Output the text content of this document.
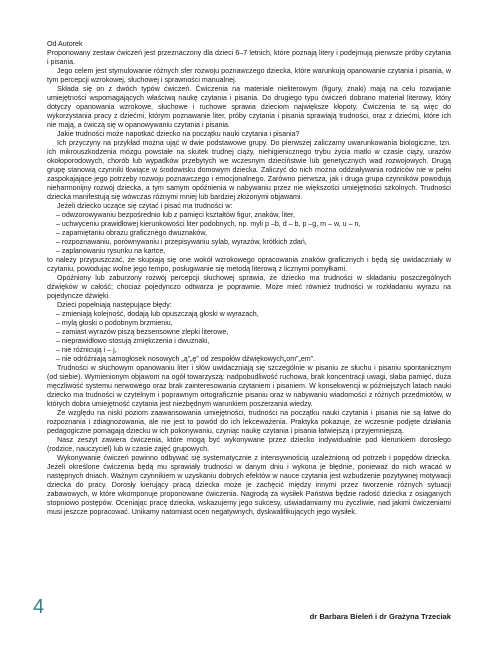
Od Autorek

Proponowany zestaw ćwiczeń jest przeznaczony dla dzieci 6–7 letnich, które poznają litery i podejmują pierwsze próby czytania i pisania.

Jego celem jest stymulowanie różnych sfer rozwoju poznawczego dziecka, które warunkują opanowanie czytania i pisania, w tym percepcji wzrokowej, słuchowej i sprawności manualnej.

Składa się on z dwóch typów ćwiczeń. Ćwiczenia na materiale nieliterowym (figury, znaki) mają na celu rozwijanie umiejętności wspomagających właściwą naukę czytania i pisania. Do drugiego typu ćwiczeń dobrano materiał literowy, który dotyczy opanowania wzrokowe, słuchowe i ruchowe sprawia dzieciom największe kłopoty. Ćwiczenia te są więc do wykorzystania pracy z dziećmi, którym poznawanie liter, próby czytania i pisania sprawiają trudności, oraz z dziećmi, które ich nie mają, a ćwiczą się w opanowywaniu czytania i pisania.

Jakie trudności może napotkać dziecko na początku nauki czytania i pisania?

Ich przyczyny na przykład można ująć w dwie podstawowe grupy. Do pierwszej zaliczamy uwarunkowania biologiczne, tzn. ich mikrouszkodzenia mózgu powstałe na skutek trudnej ciąży, niehigienicznego trybu życia matki w czasie ciąży, urazów okołoporodowych, chorób lub wypadków przebytych we wczesnym dzieciństwie lub genetycznych wad rozwojowych. Drugą grupę stanowią czynniki tkwiące w środowisku domowym dziecka. Zaliczyć do nich można oddziaływania rodziców nie w pełni zaspokajające jego potrzeby rozwoju poznawczego i emocjonalnego. Zarówno pierwsza, jak i druga grupa czynników powodują nieharmonijny rozwój dziecka, a tym samym opóźnienia w nabywaniu przez nie większości umiejętności szkolnych. Trudności dziecka manifestują się wówczas różnymi mniej lub bardziej złożonymi objawami.

Jeżeli dziecko uczące się czytać i pisać ma trudności w:

– odwzorowywaniu bezpośrednio lub z pamięci kształtów figur, znaków, liter,
– uchwyceniu prawidłowej kierunkowości liter podobnych, np. myli p –b, d – b, p –g, m – w, u – n,
– zapamiętaniu obrazu graficznego dwuznaków,
– rozpoznawaniu, porównywaniu i przepisywaniu sylab, wyrazów, krótkich zdań,
– zaplanowaniu rysunku na kartce,

to należy przypuszczać, że skupiają się one wokół wzrokowego opracowania znaków graficznych i będą się uwidaczniały w czytaniu, powodując wolne jego tempo, posługiwanie się metodą literową z licznymi pomyłkami.

Opóźniony lub zaburzony rozwój percepcji słuchowej sprawia, że dziecko ma trudności w składaniu poszczególnych dźwięków w całość; chociaż pojedynczo odtwarza je poprawnie. Może mieć również trudności w rozkładaniu wyrazu na pojedyncze dźwięki.

Dzieci popełniają następujące błędy:

– zmieniają kolejność, dodają lub opuszczają głoski w wyrazach,
– mylą głoski o podobnym brzmieniu,
– zamiast wyrazów piszą bezsensowne zlepki literowe,
– nieprawidłowo stosują zmiękczenia i dwuznaki,
– nie różnicują i – j,
– nie odróżniają samogłosek nosowych „ą”„ę” od zespołów dźwiękowych„om”„em”.

Trudności w słuchowym opanowaniu liter i słów uwidaczniają się szczególnie w pisaniu ze słuchu i pisaniu spontanicznym (od siebie). Wymienionym objawom na ogół towarzyszą: nadpobudliwość ruchowa, brak koncentracji uwagi, słaba pamięć, duża męczliwość systemu nerwowego oraz brak zainteresowania czytaniem i pisaniem. W konsekwencji w późniejszych latach nauki dziecko ma trudności w czytelnym i poprawnym ortograficznie pisaniu oraz w nabywaniu wiadomości z różnych przedmiotów, w których dobra umiejętność czytania jest niezbędnym warunkiem poszerzania wiedzy.

Ze względu na niski poziom zaawansowania umiejętności, trudności na początku nauki czytania i pisania nie są łatwe do rozpoznania i zdiagnozowania, ale nie jest to powód do ich lekceważenia. Praktyka pokazuje, że wczesnie podjęte działania pedagogiczne pomagają dziecku w ich pokonywaniu, czyniąc naukę czytania i pisania łatwiejszą i przyjemniejszą.

Nasz zeszyt zawiera ćwiczenia, które mogą być wykonywane przez dziecko indywidualnie pod kierunkiem dorosłego (rodzice, nauczyciel) lub w czasie zajęć grupowych.

Wykonywanie ćwiczeń powinno odbywać się systematycznie z intensywnością uzależnioną od potrzeb i popędów dziecka. Jeżeli określone ćwiczenia będą mu sprawiały trudności w danym dniu i wykona je błędnie, ponieważ do nich wracać w następnych dniach. Ważnym czynnikiem w uzyskaniu dobrych efektów w nauce czytania jest wzbudzenie pozytywnej motywacji dziecka do pracy. Dorosły kierujący pracą dziecka może je zachęcić między innymi przez tworzenie różnych sytuacji zabawowych, w które wkomponuje proponowane ćwiczenia. Nagrodą za wysiłek Państwa będzie radość dziecka z osiąganych stopniowo postępów. Oceniając pracę dziecka, wskazujemy jego sukcesy, uświadamiamy mu życzliwie, nad jakimi ćwiczeniami musi jeszcze popracować. Unikamy natomiast ocen negatywnych, dyskwalifikujących jego wysiłek.

dr Barbara Bieleń i dr Grażyna Trzeciak
4
